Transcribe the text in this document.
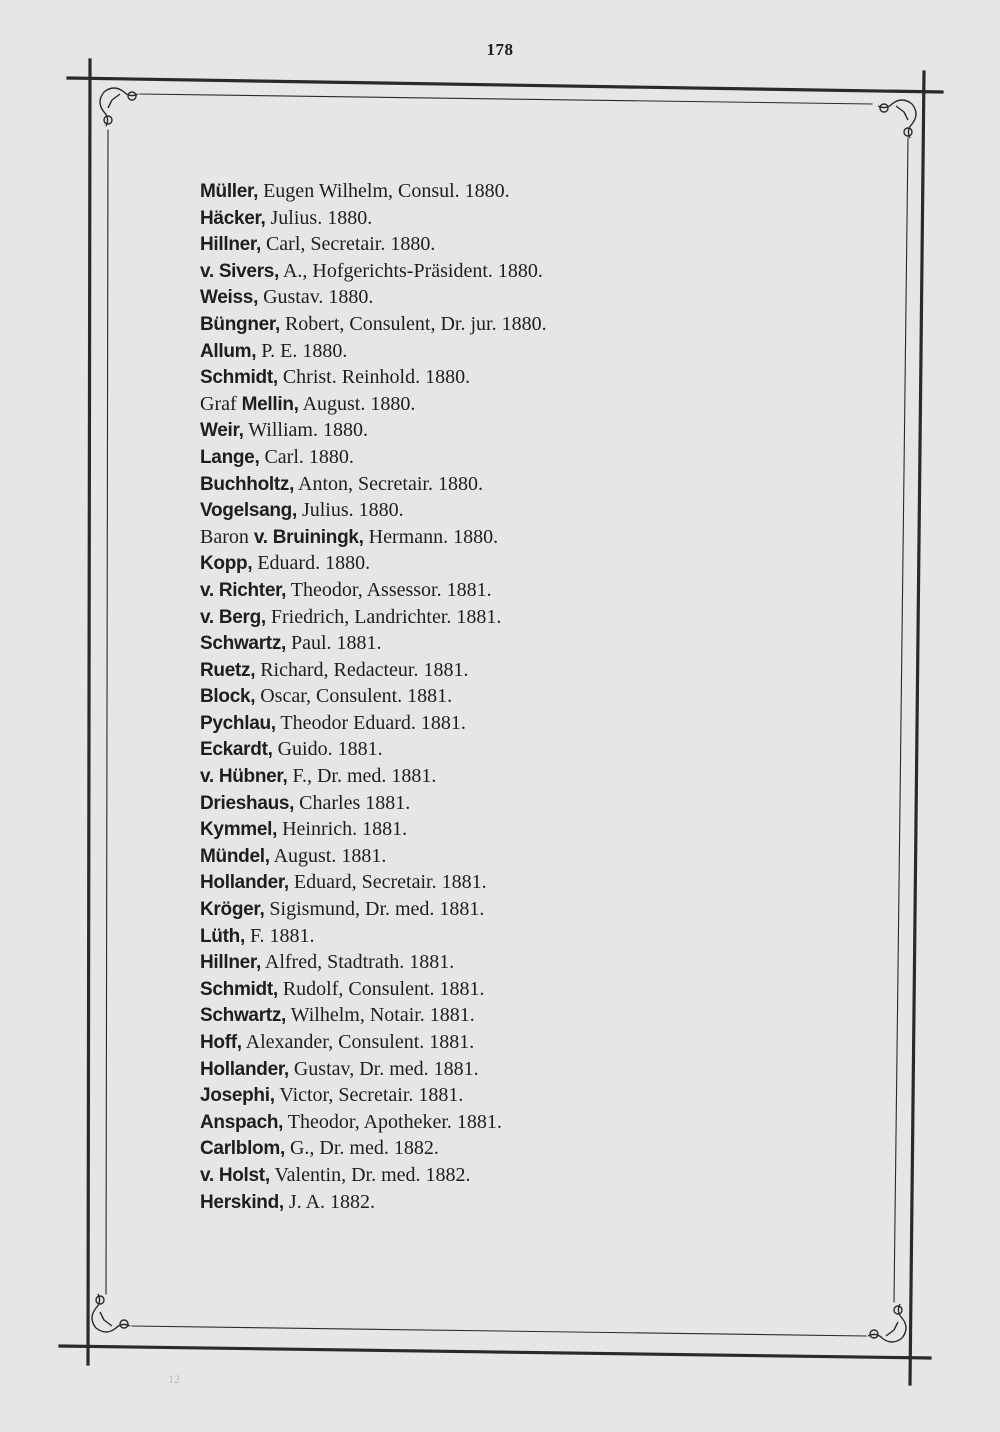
178
Müller, Eugen Wilhelm, Consul. 1880.
Häcker, Julius. 1880.
Hillner, Carl, Secretair. 1880.
v. Sivers, A., Hofgerichts-Präsident. 1880.
Weiss, Gustav. 1880.
Büngner, Robert, Consulent, Dr. jur. 1880.
Allum, P. E. 1880.
Schmidt, Christ. Reinhold. 1880.
Graf Mellin, August. 1880.
Weir, William. 1880.
Lange, Carl. 1880.
Buchholtz, Anton, Secretair. 1880.
Vogelsang, Julius. 1880.
Baron v. Bruiningk, Hermann. 1880.
Kopp, Eduard. 1880.
v. Richter, Theodor, Assessor. 1881.
v. Berg, Friedrich, Landrichter. 1881.
Schwartz, Paul. 1881.
Ruetz, Richard, Redacteur. 1881.
Block, Oscar, Consulent. 1881.
Pychlau, Theodor Eduard. 1881.
Eckardt, Guido. 1881.
v. Hübner, F., Dr. med. 1881.
Drieshaus, Charles 1881.
Kymmel, Heinrich. 1881.
Mündel, August. 1881.
Hollander, Eduard, Secretair. 1881.
Kröger, Sigismund, Dr. med. 1881.
Lüth, F. 1881.
Hillner, Alfred, Stadtrath. 1881.
Schmidt, Rudolf, Consulent. 1881.
Schwartz, Wilhelm, Notair. 1881.
Hoff, Alexander, Consulent. 1881.
Hollander, Gustav, Dr. med. 1881.
Josephi, Victor, Secretair. 1881.
Anspach, Theodor, Apotheker. 1881.
Carlblom, G., Dr. med. 1882.
v. Holst, Valentin, Dr. med. 1882.
Herskind, J. A. 1882.
12
